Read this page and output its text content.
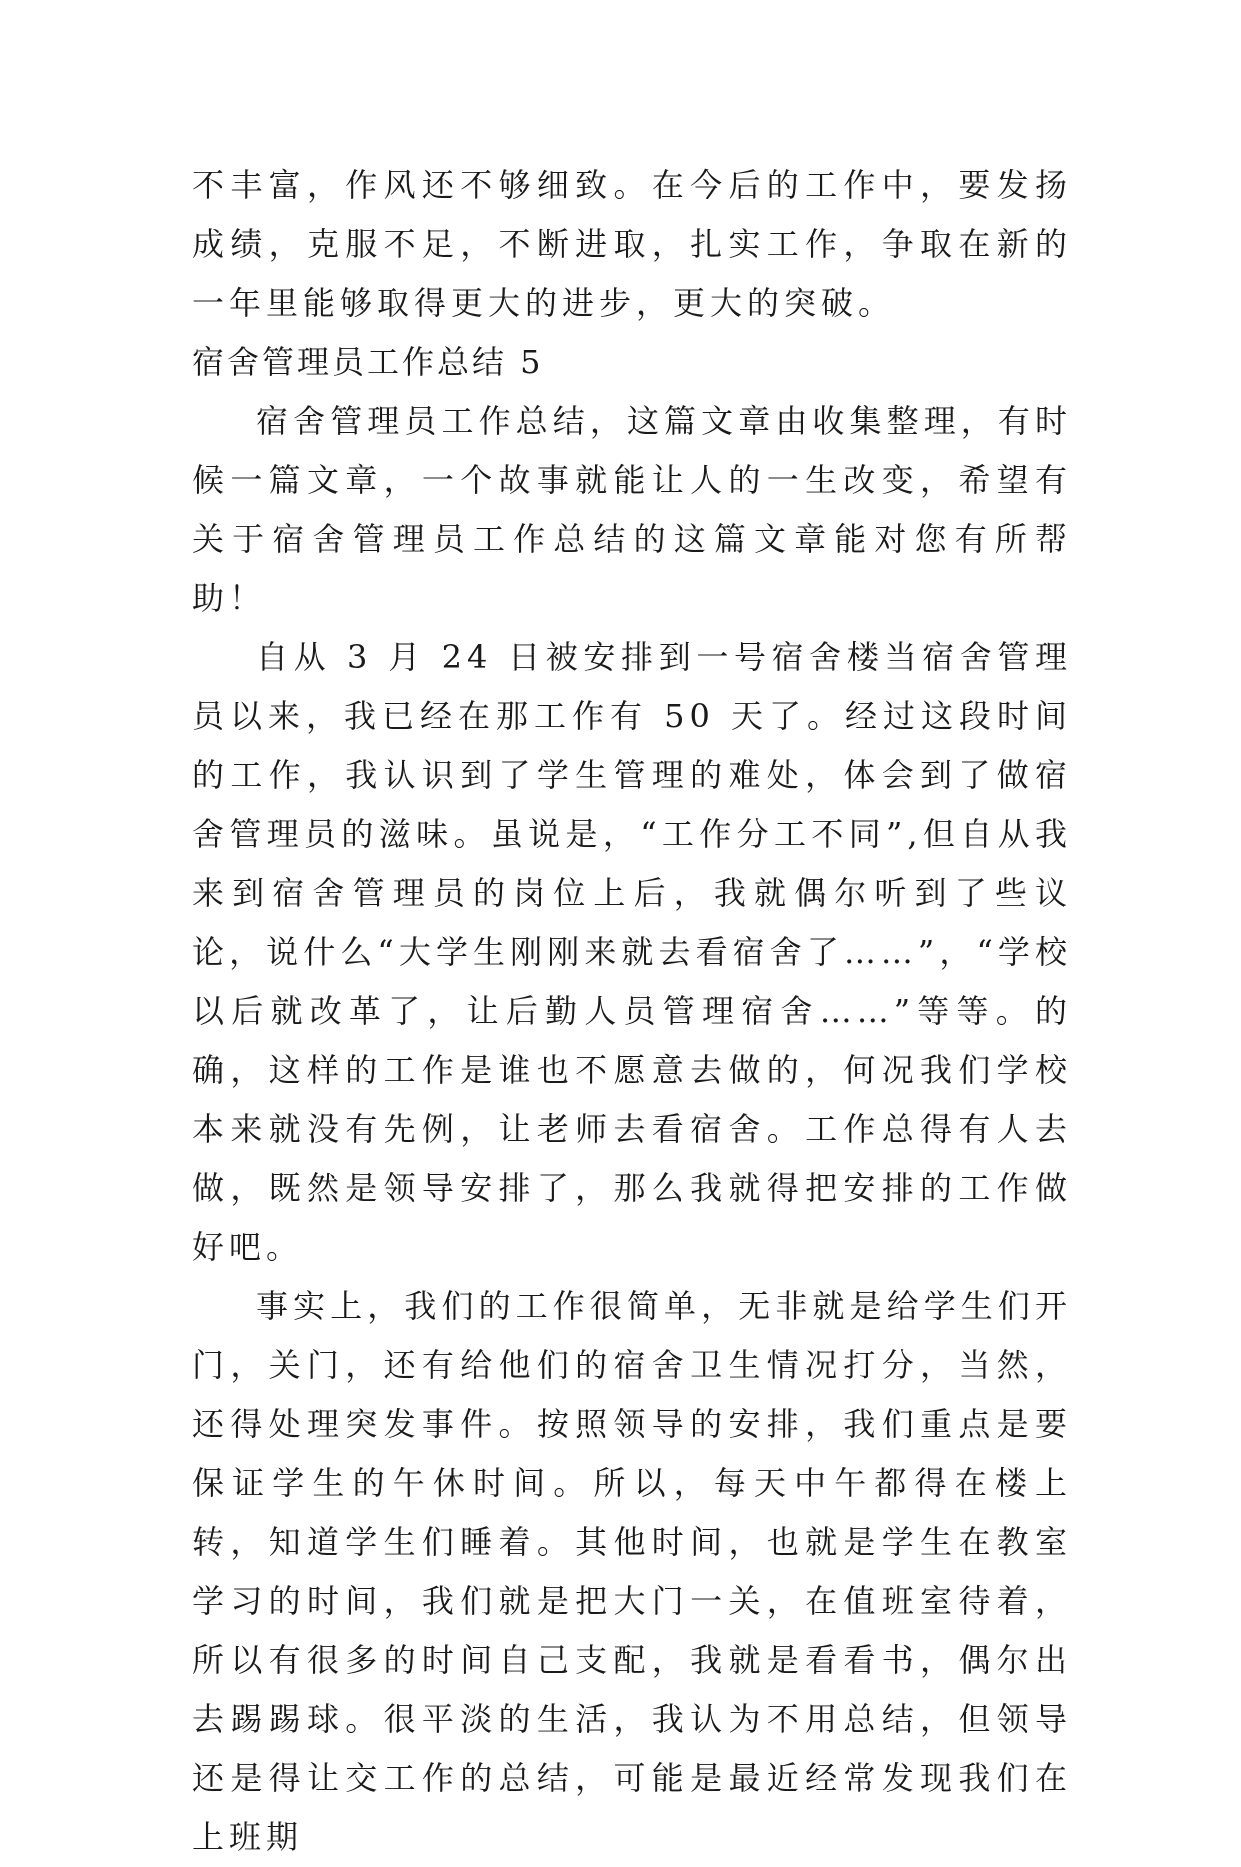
不丰富，作风还不够细致。在今后的工作中，要发扬成绩，克服不足，不断进取，扎实工作，争取在新的一年里能够取得更大的进步，更大的突破。

宿舍管理员工作总结 5

宿舍管理员工作总结，这篇文章由收集整理，有时候一篇文章，一个故事就能让人的一生改变，希望有关于宿舍管理员工作总结的这篇文章能对您有所帮助！

自从 3 月 24 日被安排到一号宿舍楼当宿舍管理员以来，我已经在那工作有 50 天了。经过这段时间的工作，我认识到了学生管理的难处，体会到了做宿舍管理员的滋味。虽说是，“工作分工不同”,但自从我来到宿舍管理员的岗位上后，我就偶尔听到了些议论，说什么“大学生刚刚来就去看宿舍了……”，“学校以后就改革了，让后勤人员管理宿舍……”等等。的确，这样的工作是谁也不愿意去做的，何况我们学校本来就没有先例，让老师去看宿舍。工作总得有人去做，既然是领导安排了，那么我就得把安排的工作做好吧。

事实上，我们的工作很简单，无非就是给学生们开门，关门，还有给他们的宿舍卫生情况打分，当然，还得处理突发事件。按照领导的安排，我们重点是要保证学生的午休时间。所以，每天中午都得在楼上转，知道学生们睡着。其他时间，也就是学生在教室学习的时间，我们就是把大门一关，在值班室待着，所以有很多的时间自己支配，我就是看看书，偶尔出去踢踢球。很平淡的生活，我认为不用总结，但领导还是得让交工作的总结，可能是最近经常发现我们在上班期
